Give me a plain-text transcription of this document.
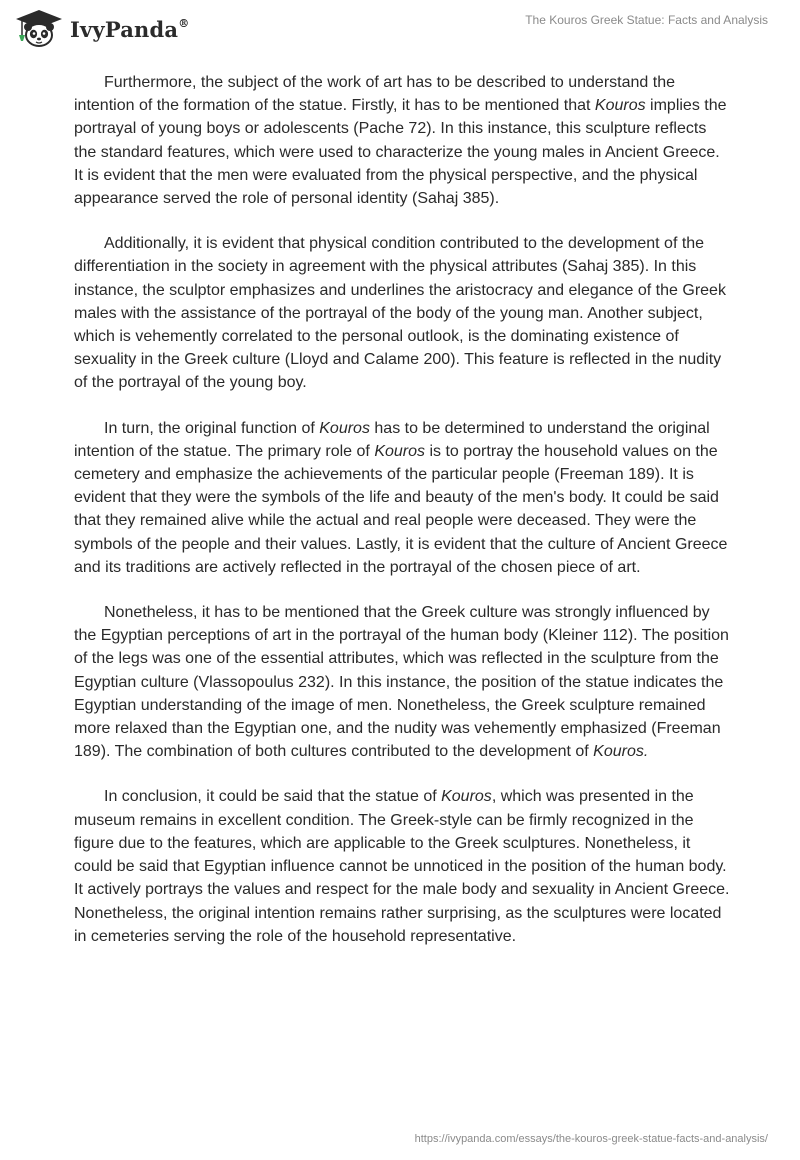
IvyPanda®	The Kouros Greek Statue: Facts and Analysis

Furthermore, the subject of the work of art has to be described to understand the intention of the formation of the statue. Firstly, it has to be mentioned that Kouros implies the portrayal of young boys or adolescents (Pache 72). In this instance, this sculpture reflects the standard features, which were used to characterize the young males in Ancient Greece. It is evident that the men were evaluated from the physical perspective, and the physical appearance served the role of personal identity (Sahaj 385).

Additionally, it is evident that physical condition contributed to the development of the differentiation in the society in agreement with the physical attributes (Sahaj 385). In this instance, the sculptor emphasizes and underlines the aristocracy and elegance of the Greek males with the assistance of the portrayal of the body of the young man. Another subject, which is vehemently correlated to the personal outlook, is the dominating existence of sexuality in the Greek culture (Lloyd and Calame 200). This feature is reflected in the nudity of the portrayal of the young boy.

In turn, the original function of Kouros has to be determined to understand the original intention of the statue. The primary role of Kouros is to portray the household values on the cemetery and emphasize the achievements of the particular people (Freeman 189). It is evident that they were the symbols of the life and beauty of the men's body. It could be said that they remained alive while the actual and real people were deceased. They were the symbols of the people and their values. Lastly, it is evident that the culture of Ancient Greece and its traditions are actively reflected in the portrayal of the chosen piece of art.

Nonetheless, it has to be mentioned that the Greek culture was strongly influenced by the Egyptian perceptions of art in the portrayal of the human body (Kleiner 112). The position of the legs was one of the essential attributes, which was reflected in the sculpture from the Egyptian culture (Vlassopoulus 232). In this instance, the position of the statue indicates the Egyptian understanding of the image of men. Nonetheless, the Greek sculpture remained more relaxed than the Egyptian one, and the nudity was vehemently emphasized (Freeman 189). The combination of both cultures contributed to the development of Kouros.

In conclusion, it could be said that the statue of Kouros, which was presented in the museum remains in excellent condition. The Greek-style can be firmly recognized in the figure due to the features, which are applicable to the Greek sculptures. Nonetheless, it could be said that Egyptian influence cannot be unnoticed in the position of the human body. It actively portrays the values and respect for the male body and sexuality in Ancient Greece. Nonetheless, the original intention remains rather surprising, as the sculptures were located in cemeteries serving the role of the household representative.

https://ivypanda.com/essays/the-kouros-greek-statue-facts-and-analysis/
